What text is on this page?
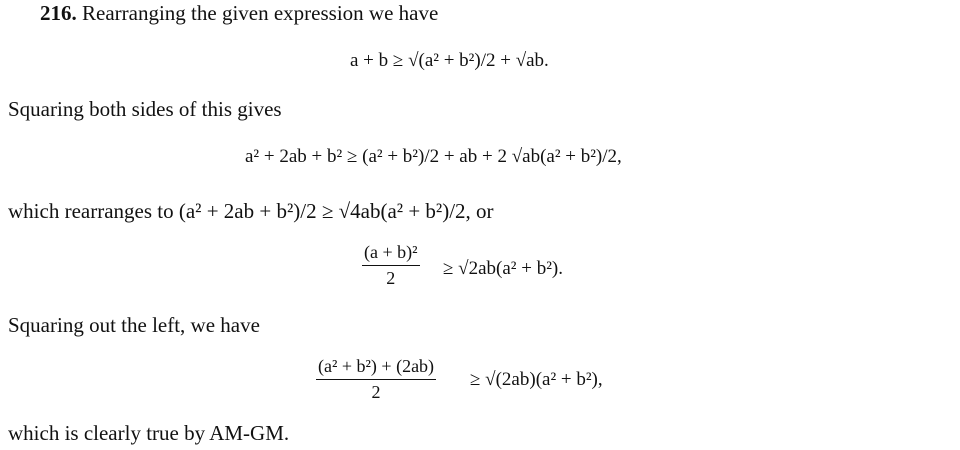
216. Rearranging the given expression we have
a + b ≥ √(a² + b²)/2 + √ab.
Squaring both sides of this gives
a² + 2ab + b² ≥ (a² + b²)/2 + ab + 2 √ab(a² + b²)/2,
which rearranges to (a² + 2ab + b²)/2 ≥ √4ab(a² + b²)/2, or
$\frac{\text{(a + b)²}}{2} \ge √2ab(a^2 + b^2)$.
Squaring out the left, we have
$\frac{\text{(a² + b²) + (2ab)}}{2} \ge √(2ab)(a^2 + b^2)$,
which is clearly true by AM-GM.
